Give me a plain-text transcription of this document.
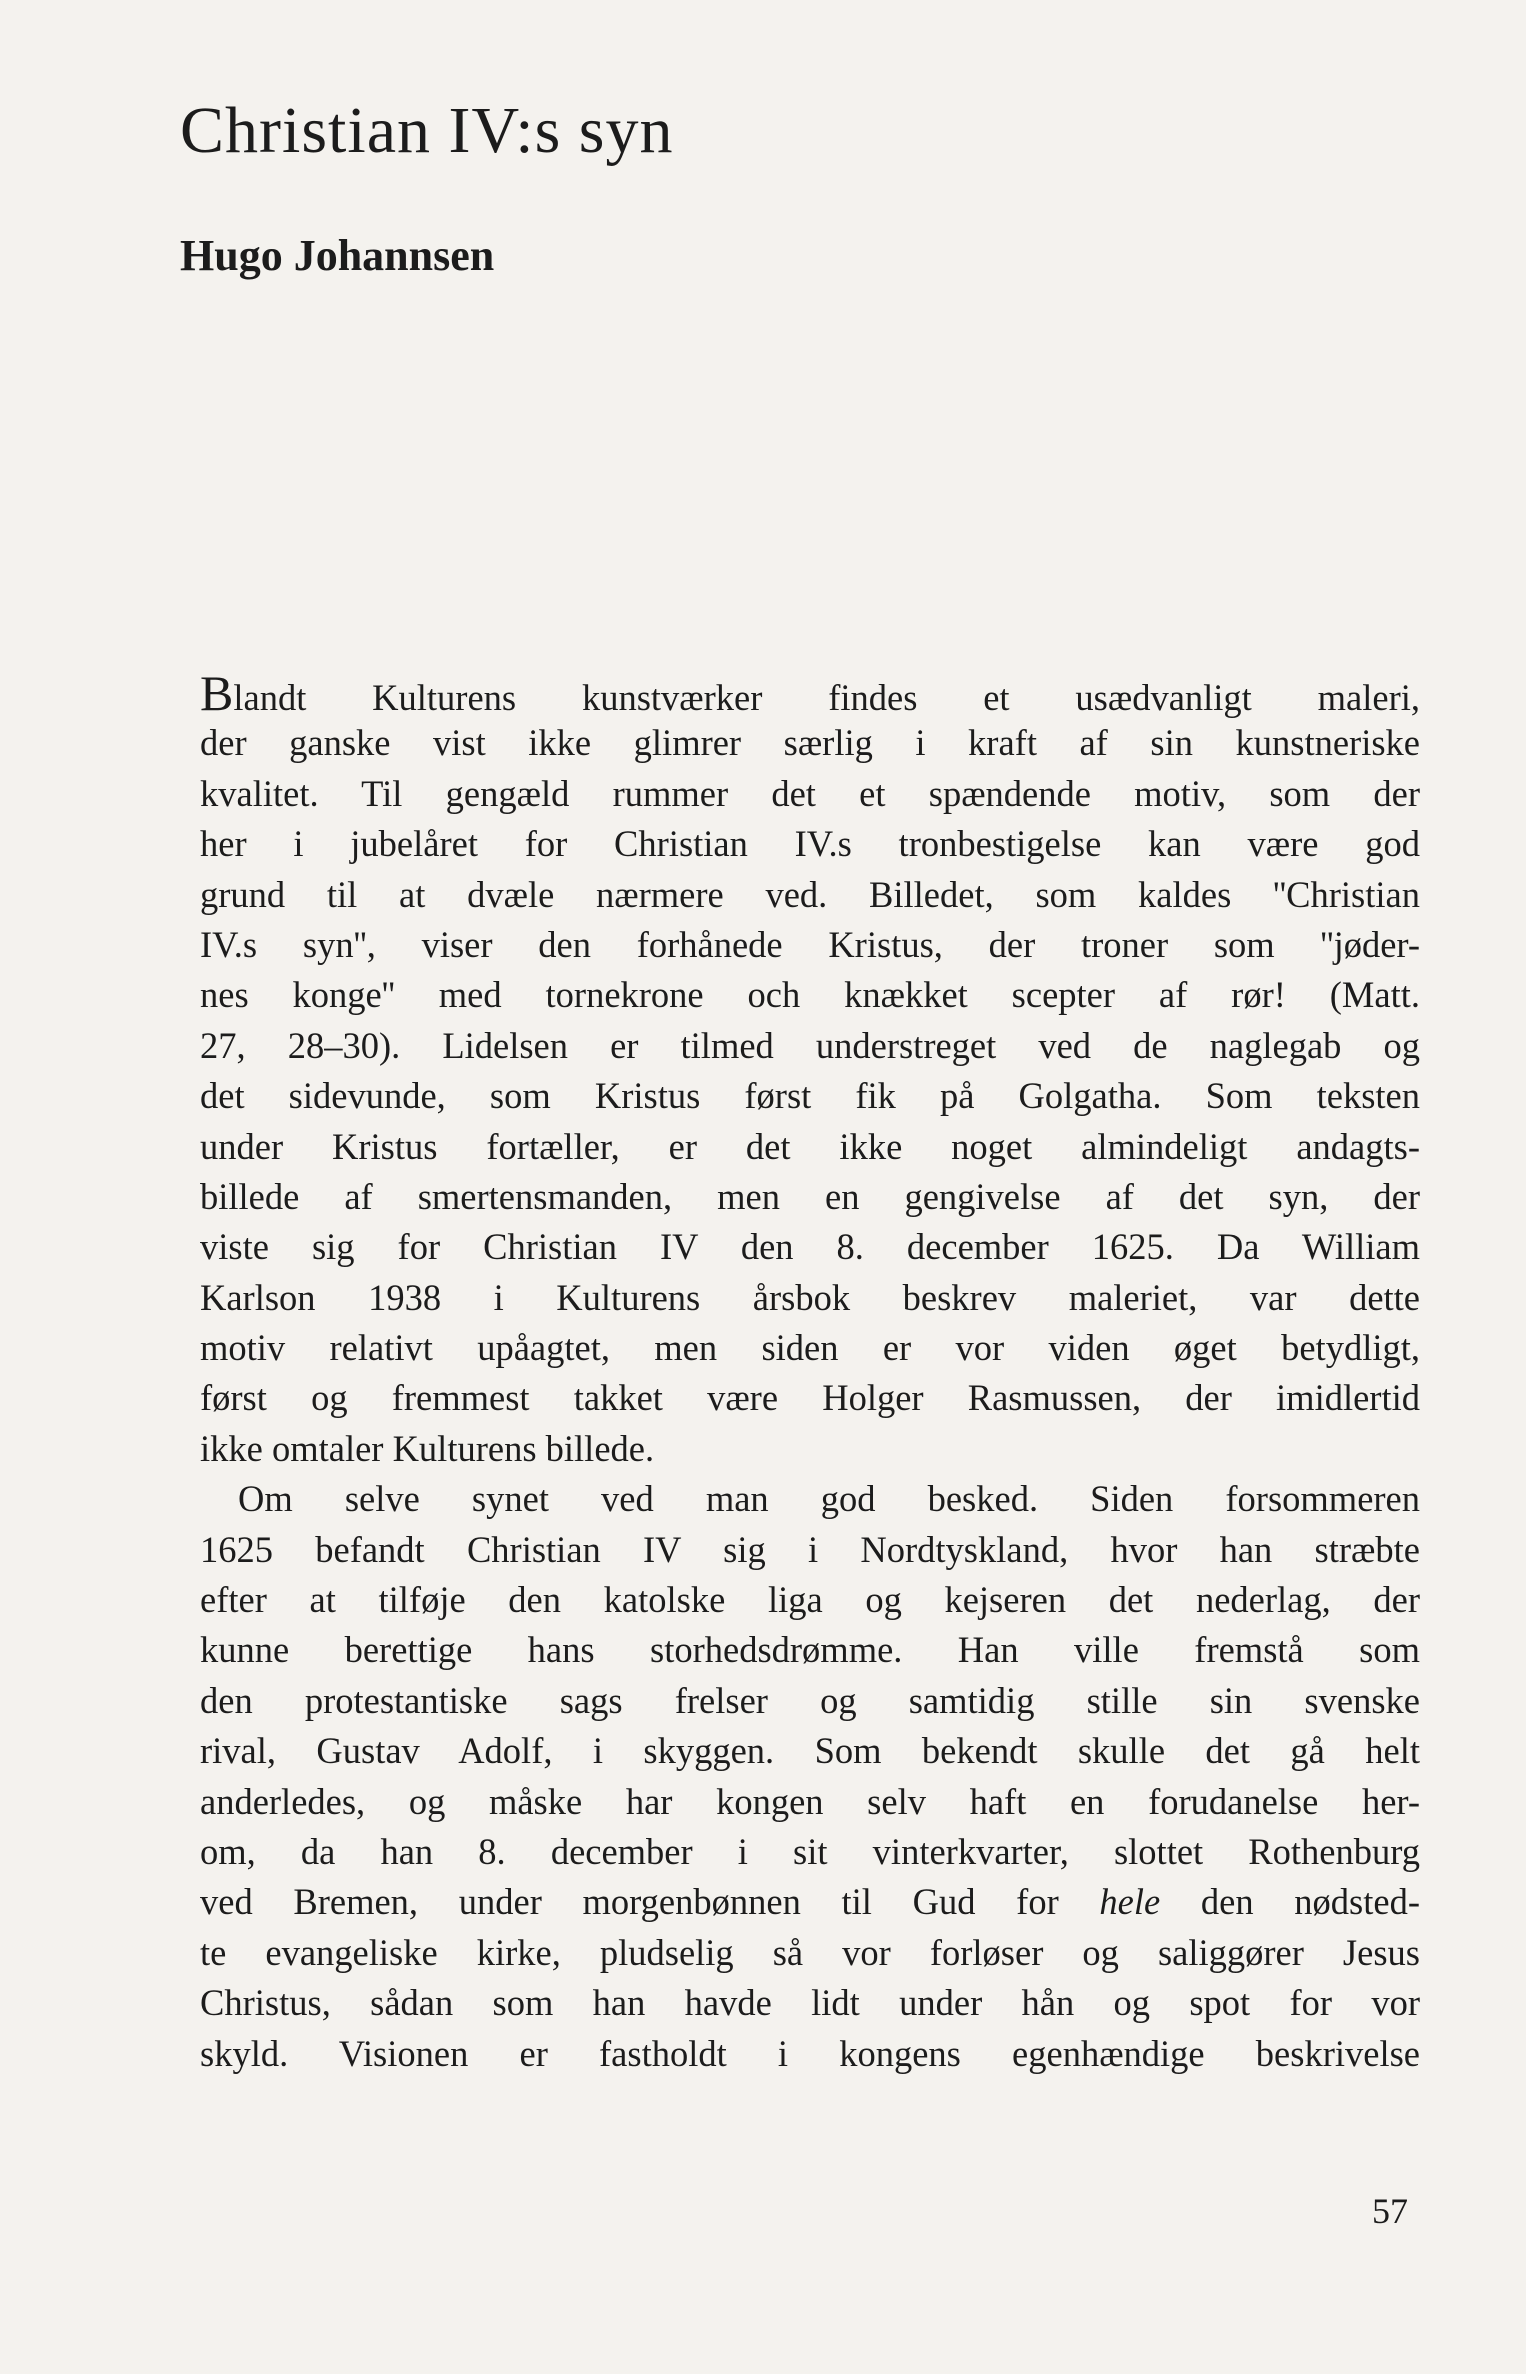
Christian IV:s syn
Hugo Johannsen
Blandt Kulturens kunstværker findes et usædvanligt maleri,
der ganske vist ikke glimrer særlig i kraft af sin kunstneriske
kvalitet. Til gengæld rummer det et spændende motiv, som der
her i jubelåret for Christian IV.s tronbestigelse kan være god
grund til at dvæle nærmere ved. Billedet, som kaldes ''Christian
IV.s syn'', viser den forhånede Kristus, der troner som ''jøder-
nes konge'' med tornekrone och knækket scepter af rør! (Matt.
27, 28–30). Lidelsen er tilmed understreget ved de naglegab og
det sidevunde, som Kristus først fik på Golgatha. Som teksten
under Kristus fortæller, er det ikke noget almindeligt andagts-
billede af smertensmanden, men en gengivelse af det syn, der
viste sig for Christian IV den 8. december 1625. Da William
Karlson 1938 i Kulturens årsbok beskrev maleriet, var dette
motiv relativt upåagtet, men siden er vor viden øget betydligt,
først og fremmest takket være Holger Rasmussen, der imidlertid
ikke omtaler Kulturens billede.
Om selve synet ved man god besked. Siden forsommeren
1625 befandt Christian IV sig i Nordtyskland, hvor han stræbte
efter at tilføje den katolske liga og kejseren det nederlag, der
kunne berettige hans storhedsdrømme. Han ville fremstå som
den protestantiske sags frelser og samtidig stille sin svenske
rival, Gustav Adolf, i skyggen. Som bekendt skulle det gå helt
anderledes, og måske har kongen selv haft en forudanelse her-
om, da han 8. december i sit vinterkvarter, slottet Rothenburg
ved Bremen, under morgenbønnen til Gud for hele den nødsted-
te evangeliske kirke, pludselig så vor forløser og saliggører Jesus
Christus, sådan som han havde lidt under hån og spot for vor
skyld. Visionen er fastholdt i kongens egenhændige beskrivelse
57
